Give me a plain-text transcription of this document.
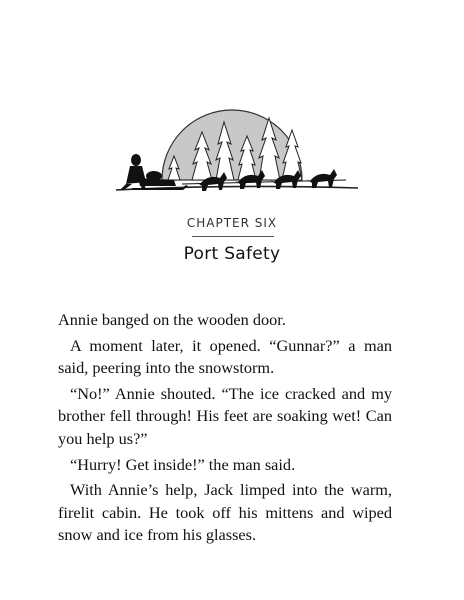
CHAPTER SIX
Port Safety

Annie banged on the wooden door.

A moment later, it opened. “Gunnar?” a man said, peering into the snowstorm.

“No!” Annie shouted. “The ice cracked and my brother fell through! His feet are soaking wet! Can you help us?”

“Hurry! Get inside!” the man said.

With Annie’s help, Jack limped into the warm, firelit cabin. He took off his mittens and wiped snow and ice from his glasses.
